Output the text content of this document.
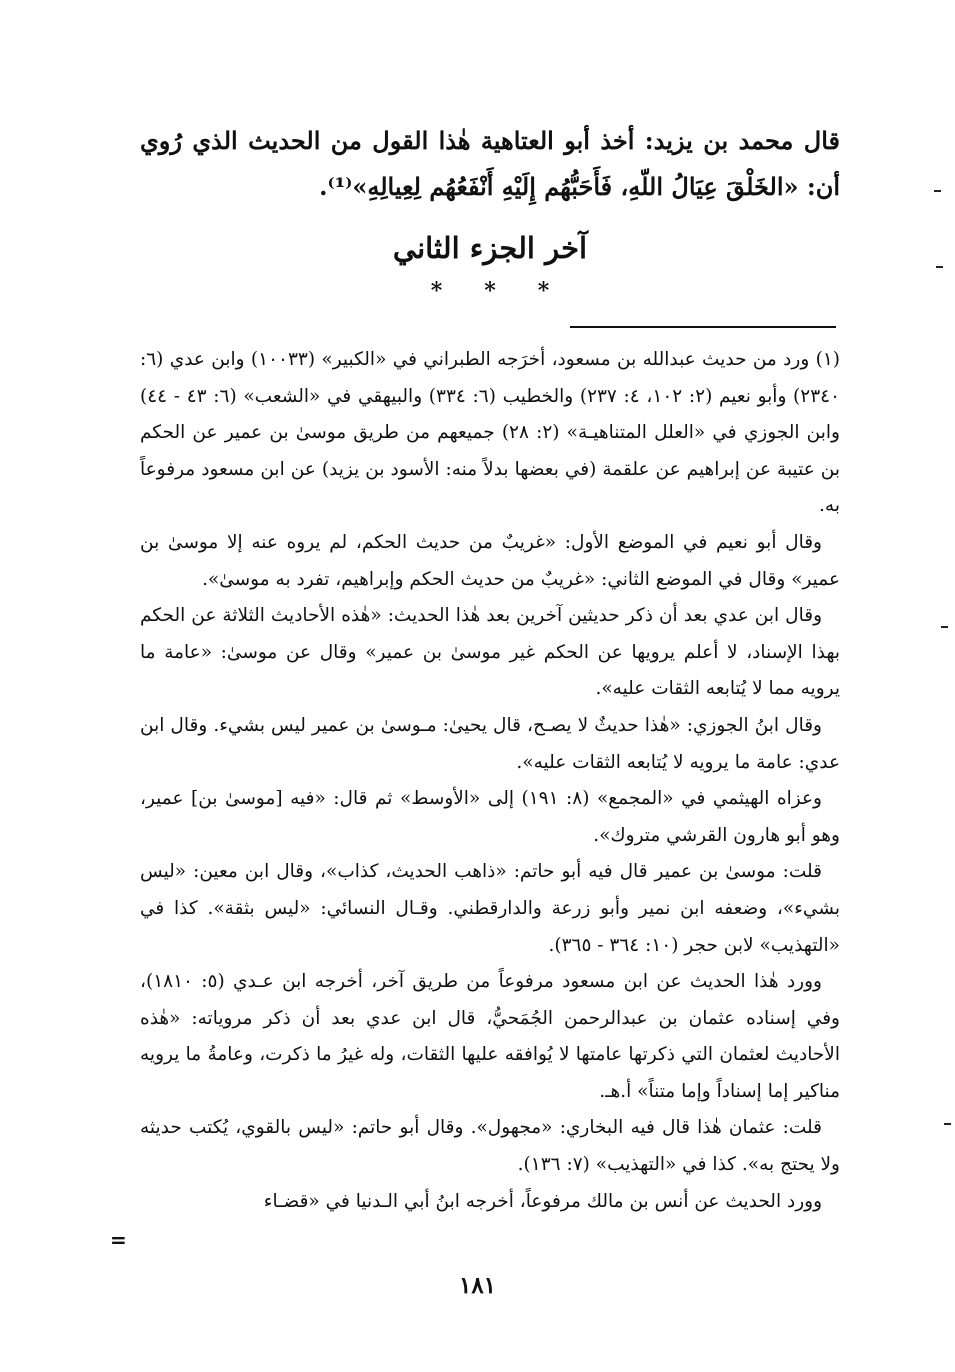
قال محمد بن يزيد: أخذ أبو العتاهية هٰذا القول من الحديث الذي رُوي أن: «الخَلْقَ عِيَالُ اللّهِ، فَأَحَبُّهُم إِلَيْهِ أَنْفَعُهُم لِعِيالِهِ»⁽¹⁾.
آخر الجزء الثاني
***

(١) ورد من حديث عبدالله بن مسعود، أخرَجه الطبراني في «الكبير» (١٠٠٣٣) وابن عدي (٦: ٢٣٤٠) وأبو نعيم (٢: ١٠٢، ٤: ٢٣٧) والخطيب (٦: ٣٣٤) والبيهقي في «الشعب» (٦: ٤٣ - ٤٤) وابن الجوزي في «العلل المتناهيـة» (٢: ٢٨) جميعهم من طريق موسىٰ بن عمير عن الحكم بن عتيبة عن إبراهيم عن علقمة (في بعضها بدلاً منه: الأسود بن يزيد) عن ابن مسعود مرفوعاً به.

وقال أبو نعيم في الموضع الأول: «غريبٌ من حديث الحكم، لم يروه عنه إلا موسىٰ بن عمير» وقال في الموضع الثاني: «غريبٌ من حديث الحكم وإبراهيم، تفرد به موسىٰ».

وقال ابن عدي بعد أن ذكر حديثين آخرين بعد هٰذا الحديث: «هٰذه الأحاديث الثلاثة عن الحكم بهذا الإسناد، لا أعلم يرويها عن الحكم غير موسىٰ بن عمير» وقال عن موسىٰ: «عامة ما يرويه مما لا يُتابعه الثقات عليه».

وقال ابنُ الجوزي: «هٰذا حديثٌ لا يصـح، قال يحيىٰ: مـوسىٰ بن عمير ليس بشيء. وقال ابن عدي: عامة ما يرويه لا يُتابعه الثقات عليه».

وعزاه الهيثمي في «المجمع» (٨: ١٩١) إلى «الأوسط» ثم قال: «فيه [موسىٰ بن] عمير، وهو أبو هارون القرشي متروك».

قلت: موسىٰ بن عمير قال فيه أبو حاتم: «ذاهب الحديث، كذاب»، وقال ابن معين: «ليس بشيء»، وضعفه ابن نمير وأبو زرعة والدارقطني. وقـال النسائي: «ليس بثقة». كذا في «التهذيب» لابن حجر (١٠: ٣٦٤ - ٣٦٥).

وورد هٰذا الحديث عن ابن مسعود مرفوعاً من طريق آخر، أخرجه ابن عـدي (٥: ١٨١٠)، وفي إسناده عثمان بن عبدالرحمن الجُمَحيُّ، قال ابن عدي بعد أن ذكر مروياته: «هٰذه الأحاديث لعثمان التي ذكرتها عامتها لا يُوافقه عليها الثقات، وله غيرُ ما ذكرت، وعامةُ ما يرويه مناكير إما إسناداً وإما متناً» أ.هـ.

قلت: عثمان هٰذا قال فيه البخاري: «مجهول». وقال أبو حاتم: «ليس بالقوي، يُكتب حديثه ولا يحتج به». كذا في «التهذيب» (٧: ١٣٦).

وورد الحديث عن أنس بن مالك مرفوعاً، أخرجه ابنُ أبي الـدنيا في «قضـاء

=
١٨١
